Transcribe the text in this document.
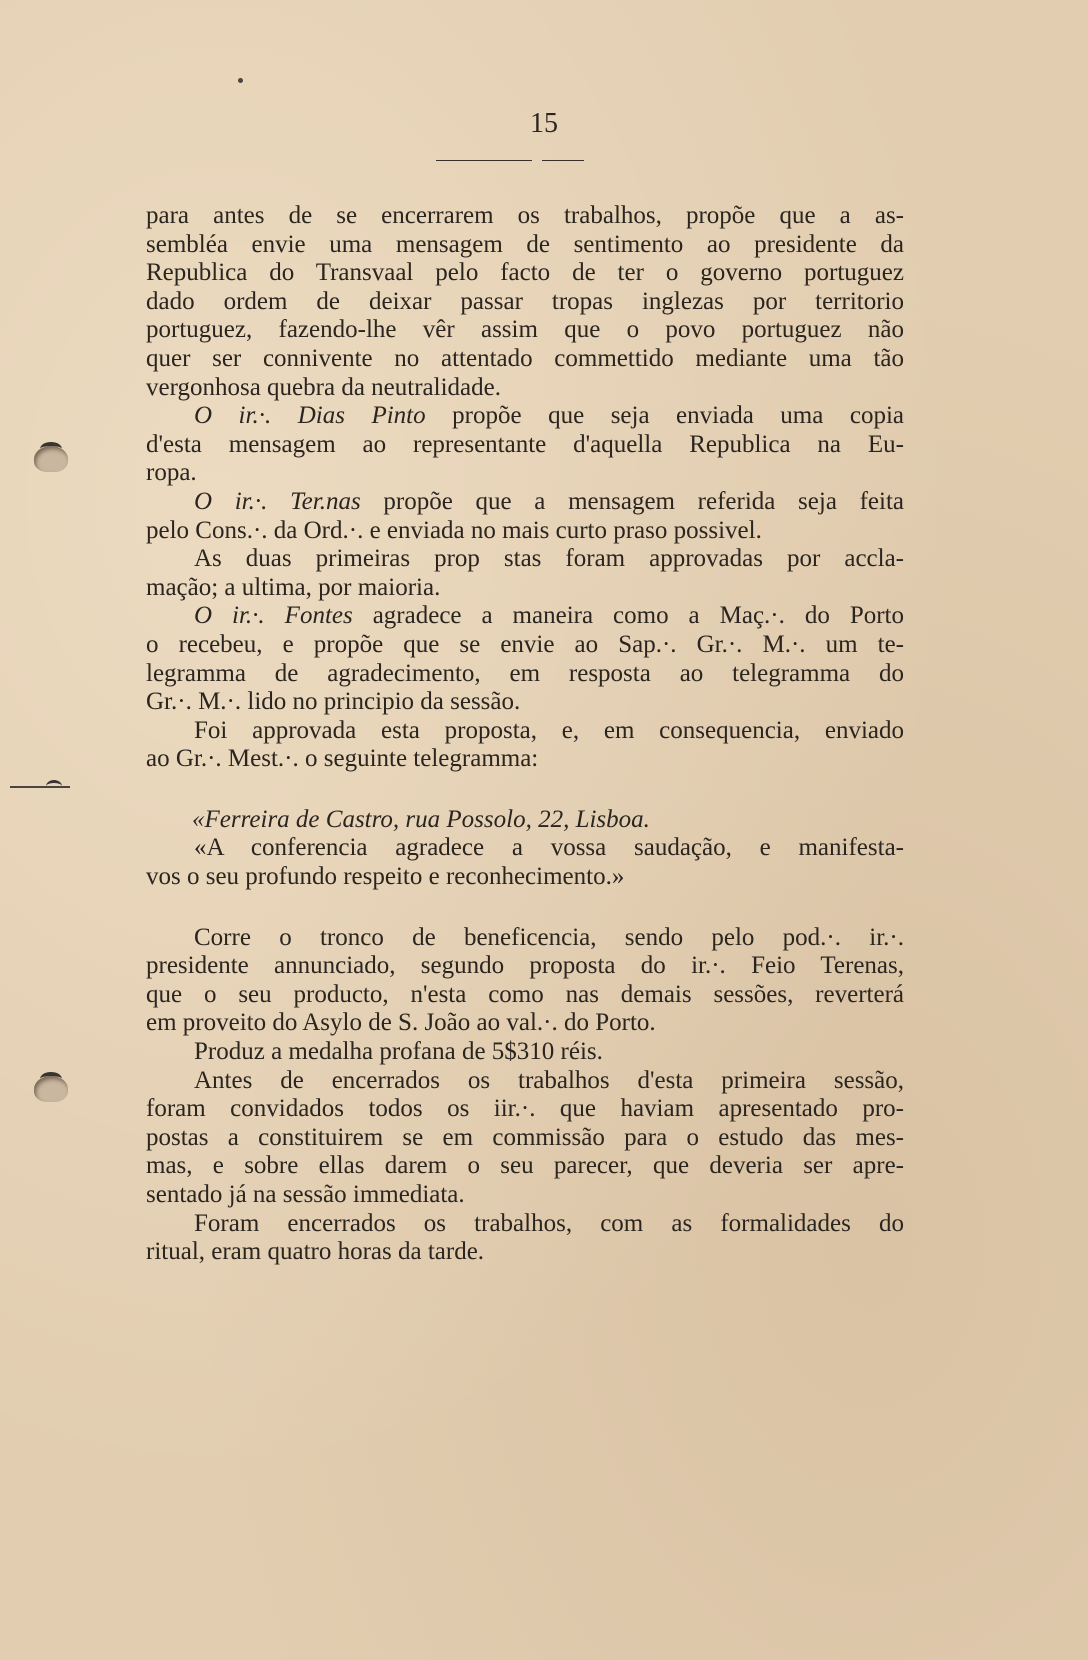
15
para antes de se encerrarem os trabalhos, propõe que a as-
sembléa envie uma mensagem de sentimento ao presidente da
Republica do Transvaal pelo facto de ter o governo portuguez
dado ordem de deixar passar tropas inglezas por territorio
portuguez, fazendo-lhe vêr assim que o povo portuguez não
quer ser connivente no attentado commettido mediante uma tão
vergonhosa quebra da neutralidade.
O ir.·. Dias Pinto propõe que seja enviada uma copia
d'esta mensagem ao representante d'aquella Republica na Eu-
ropa.
O ir.·. Ter.nas propõe que a mensagem referida seja feita
pelo Cons.·. da Ord.·. e enviada no mais curto praso possivel.
As duas primeiras prop stas foram approvadas por accla-
mação; a ultima, por maioria.
O ir.·. Fontes agradece a maneira como a Maç.·. do Porto
o recebeu, e propõe que se envie ao Sap.·. Gr.·. M.·. um te-
legramma de agradecimento, em resposta ao telegramma do
Gr.·. M.·. lido no principio da sessão.
Foi approvada esta proposta, e, em consequencia, enviado
ao Gr.·. Mest.·. o seguinte telegramma:
«Ferreira de Castro, rua Possolo, 22, Lisboa.
«A conferencia agradece a vossa saudação, e manifesta-
vos o seu profundo respeito e reconhecimento.»
Corre o tronco de beneficencia, sendo pelo pod.·. ir.·.
presidente annunciado, segundo proposta do ir.·. Feio Terenas,
que o seu producto, n'esta como nas demais sessões, reverterá
em proveito do Asylo de S. João ao val.·. do Porto.
Produz a medalha profana de 5$310 réis.
Antes de encerrados os trabalhos d'esta primeira sessão,
foram convidados todos os iir.·. que haviam apresentado pro-
postas a constituirem se em commissão para o estudo das mes-
mas, e sobre ellas darem o seu parecer, que deveria ser apre-
sentado já na sessão immediata.
Foram encerrados os trabalhos, com as formalidades do
ritual, eram quatro horas da tarde.
